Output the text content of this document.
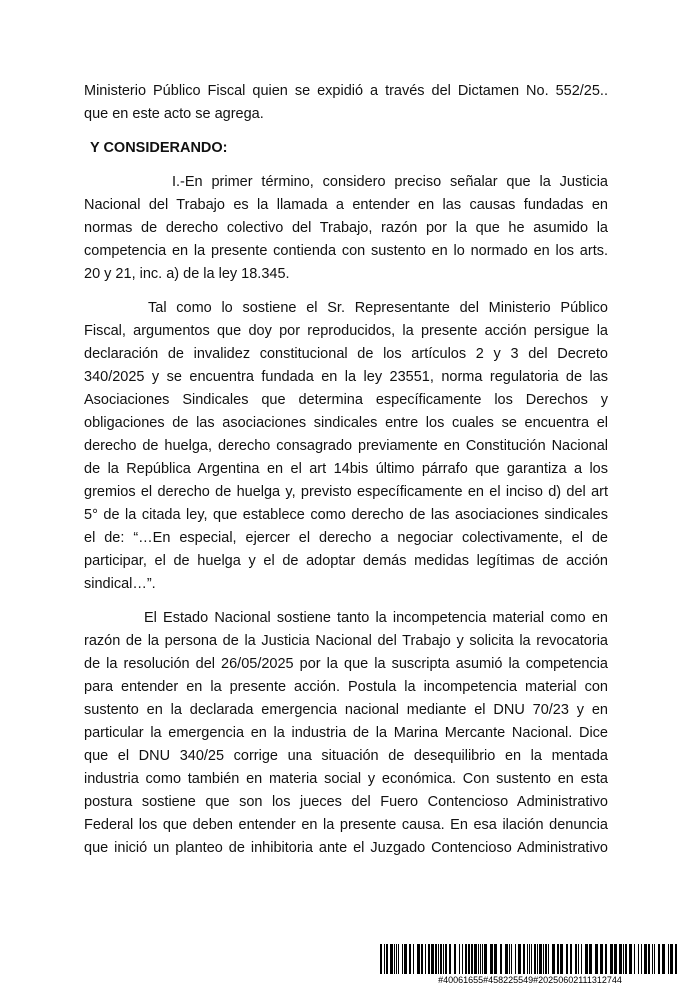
Ministerio Público Fiscal quien se expidió a través del Dictamen No. 552/25..
que en este acto se agrega.
Y CONSIDERANDO:
I.-En primer término, considero preciso señalar que la Justicia
Nacional del Trabajo es la llamada a entender en las causas fundadas en
normas de derecho colectivo del Trabajo, razón por la que he asumido la
competencia en la presente contienda con sustento en lo normado en los arts.
20 y 21, inc. a) de la ley 18.345.
Tal como lo sostiene el Sr. Representante del Ministerio Público
Fiscal, argumentos que doy por reproducidos, la presente acción persigue la
declaración de invalidez constitucional de los artículos 2 y 3 del Decreto
340/2025 y se encuentra fundada en la ley 23551, norma regulatoria de las
Asociaciones Sindicales que determina específicamente los Derechos y
obligaciones de las asociaciones sindicales entre los cuales se encuentra el
derecho de huelga, derecho consagrado previamente en Constitución Nacional
de la República Argentina en el art 14bis último párrafo que garantiza a los
gremios el derecho de huelga y, previsto específicamente en el inciso d) del art
5° de la citada ley, que establece como derecho de las asociaciones sindicales
el de: “…En especial, ejercer el derecho a negociar colectivamente, el de
participar, el de huelga y el de adoptar demás medidas legítimas de acción
sindical…”.
El Estado Nacional sostiene tanto la incompetencia material como en
razón de la persona de la Justicia Nacional del Trabajo y solicita la revocatoria
de la resolución del 26/05/2025 por la que la suscripta asumió la competencia
para entender en la presente acción. Postula la incompetencia material con
sustento en la declarada emergencia nacional mediante el DNU 70/23 y en
particular la emergencia en la industria de la Marina Mercante Nacional. Dice
que el DNU 340/25 corrige una situación de desequilibrio en la mentada
industria como también en materia social y económica. Con sustento en esta
postura sostiene que son los jueces del Fuero Contencioso Administrativo
Federal los que deben entender en la presente causa. En esa ilación denuncia
que inició un planteo de inhibitoria ante el Juzgado Contencioso Administrativo
#40061655#458225549#20250602111312744
